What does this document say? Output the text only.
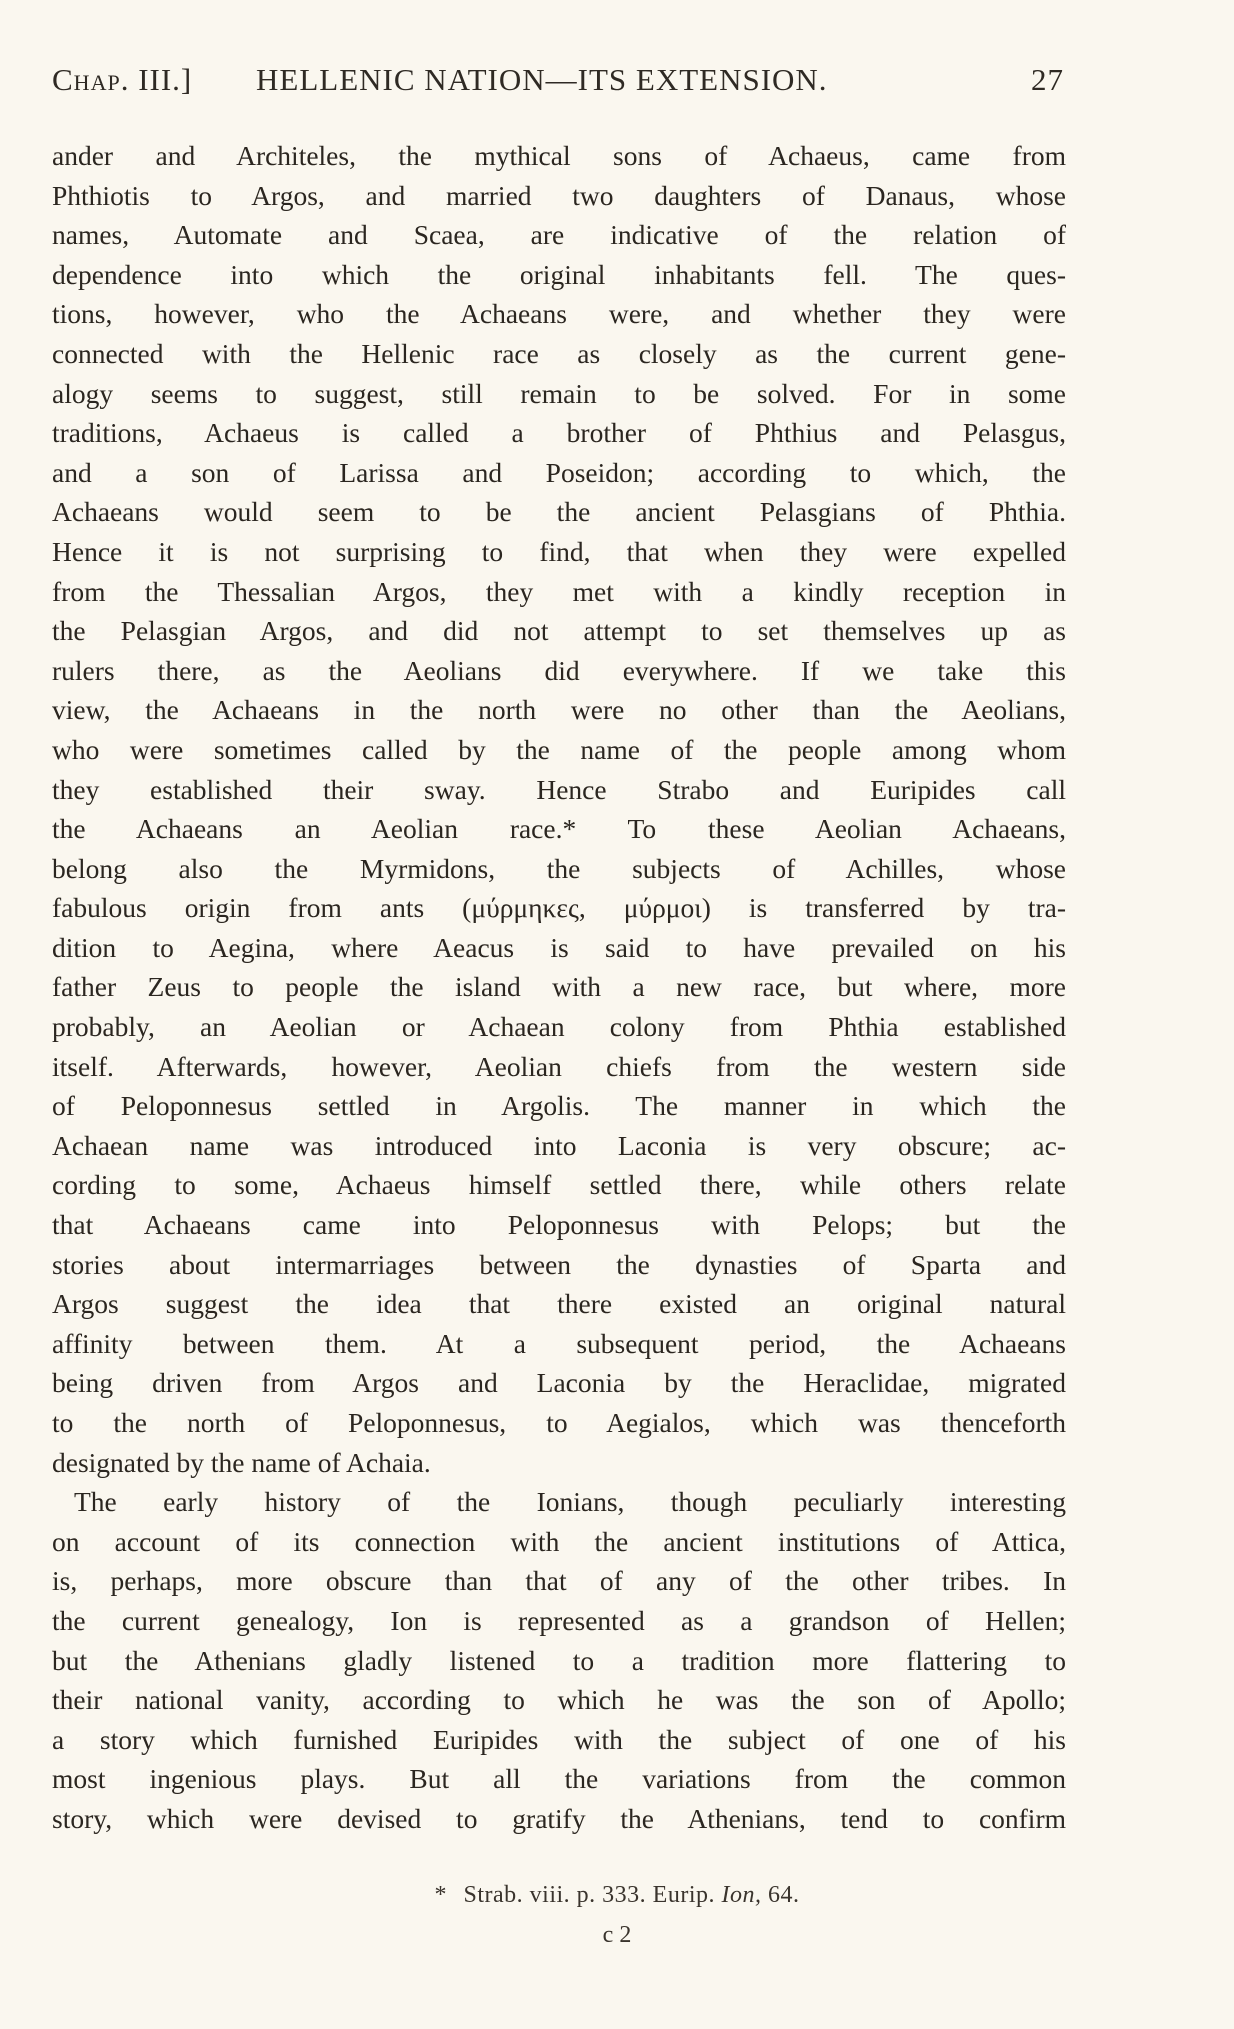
Chap. III.] HELLENIC NATION—ITS EXTENSION.	27
ander and Architeles, the mythical sons of Achaeus, came from
Phthiotis to Argos, and married two daughters of Danaus, whose
names, Automate and Scaea, are indicative of the relation of
dependence into which the original inhabitants fell. The ques-
tions, however, who the Achaeans were, and whether they were
connected with the Hellenic race as closely as the current gene-
alogy seems to suggest, still remain to be solved. For in some
traditions, Achaeus is called a brother of Phthius and Pelasgus,
and a son of Larissa and Poseidon; according to which, the
Achaeans would seem to be the ancient Pelasgians of Phthia.
Hence it is not surprising to find, that when they were expelled
from the Thessalian Argos, they met with a kindly reception in
the Pelasgian Argos, and did not attempt to set themselves up as
rulers there, as the Aeolians did everywhere. If we take this
view, the Achaeans in the north were no other than the Aeolians,
who were sometimes called by the name of the people among whom
they established their sway. Hence Strabo and Euripides call
the Achaeans an Aeolian race.* To these Aeolian Achaeans,
belong also the Myrmidons, the subjects of Achilles, whose
fabulous origin from ants (μύρμηκες, μύρμοι) is transferred by tra-
dition to Aegina, where Aeacus is said to have prevailed on his
father Zeus to people the island with a new race, but where, more
probably, an Aeolian or Achaean colony from Phthia established
itself. Afterwards, however, Aeolian chiefs from the western side
of Peloponnesus settled in Argolis. The manner in which the
Achaean name was introduced into Laconia is very obscure; ac-
cording to some, Achaeus himself settled there, while others relate
that Achaeans came into Peloponnesus with Pelops; but the
stories about intermarriages between the dynasties of Sparta and
Argos suggest the idea that there existed an original natural
affinity between them. At a subsequent period, the Achaeans
being driven from Argos and Laconia by the Heraclidae, migrated
to the north of Peloponnesus, to Aegialos, which was thenceforth
designated by the name of Achaia.
The early history of the Ionians, though peculiarly interesting
on account of its connection with the ancient institutions of Attica,
is, perhaps, more obscure than that of any of the other tribes. In
the current genealogy, Ion is represented as a grandson of Hellen;
but the Athenians gladly listened to a tradition more flattering to
their national vanity, according to which he was the son of Apollo;
a story which furnished Euripides with the subject of one of his
most ingenious plays. But all the variations from the common
story, which were devised to gratify the Athenians, tend to confirm
* Strab. viii. p. 333. Eurip. Ion, 64.
c 2
